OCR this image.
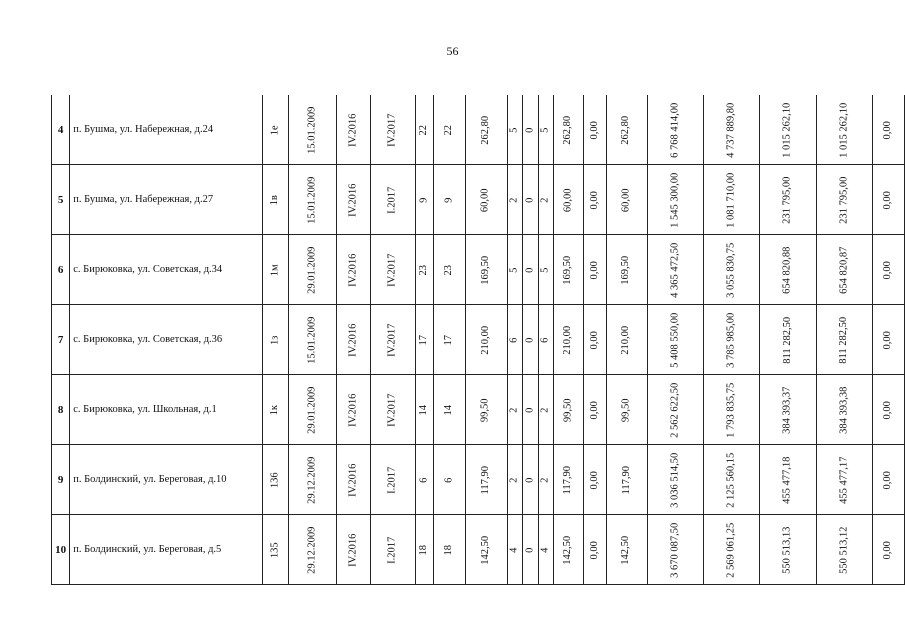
56
4	п. Бушма, ул. Набережная, д.24	1е	15.01.2009	IV.2016	IV.2017	22	22	262,80	5	0	5	262,80	0,00	262,80	6 768 414,00	4 737 889,80	1 015 262,10	1 015 262,10	0,00
5	п. Бушма, ул. Набережная, д.27	1в	15.01.2009	IV.2016	I.2017	9	9	60,00	2	0	2	60,00	0,00	60,00	1 545 300,00	1 081 710,00	231 795,00	231 795,00	0,00
6	с. Бирюковка, ул. Советская, д.34	1м	29.01.2009	IV.2016	IV.2017	23	23	169,50	5	0	5	169,50	0,00	169,50	4 365 472,50	3 055 830,75	654 820,88	654 820,87	0,00
7	с. Бирюковка, ул. Советская, д.36	1з	15.01.2009	IV.2016	IV.2017	17	17	210,00	6	0	6	210,00	0,00	210,00	5 408 550,00	3 785 985,00	811 282,50	811 282,50	0,00
8	с. Бирюковка, ул. Школьная, д.1	1к	29.01.2009	IV.2016	IV.2017	14	14	99,50	2	0	2	99,50	0,00	99,50	2 562 622,50	1 793 835,75	384 393,37	384 393,38	0,00
9	п. Болдинский, ул. Береговая, д.10	136	29.12.2009	IV.2016	I.2017	6	6	117,90	2	0	2	117,90	0,00	117,90	3 036 514,50	2 125 560,15	455 477,18	455 477,17	0,00
10	п. Болдинский, ул. Береговая, д.5	135	29.12.2009	IV.2016	I.2017	18	18	142,50	4	0	4	142,50	0,00	142,50	3 670 087,50	2 569 061,25	550 513,13	550 513,12	0,00
